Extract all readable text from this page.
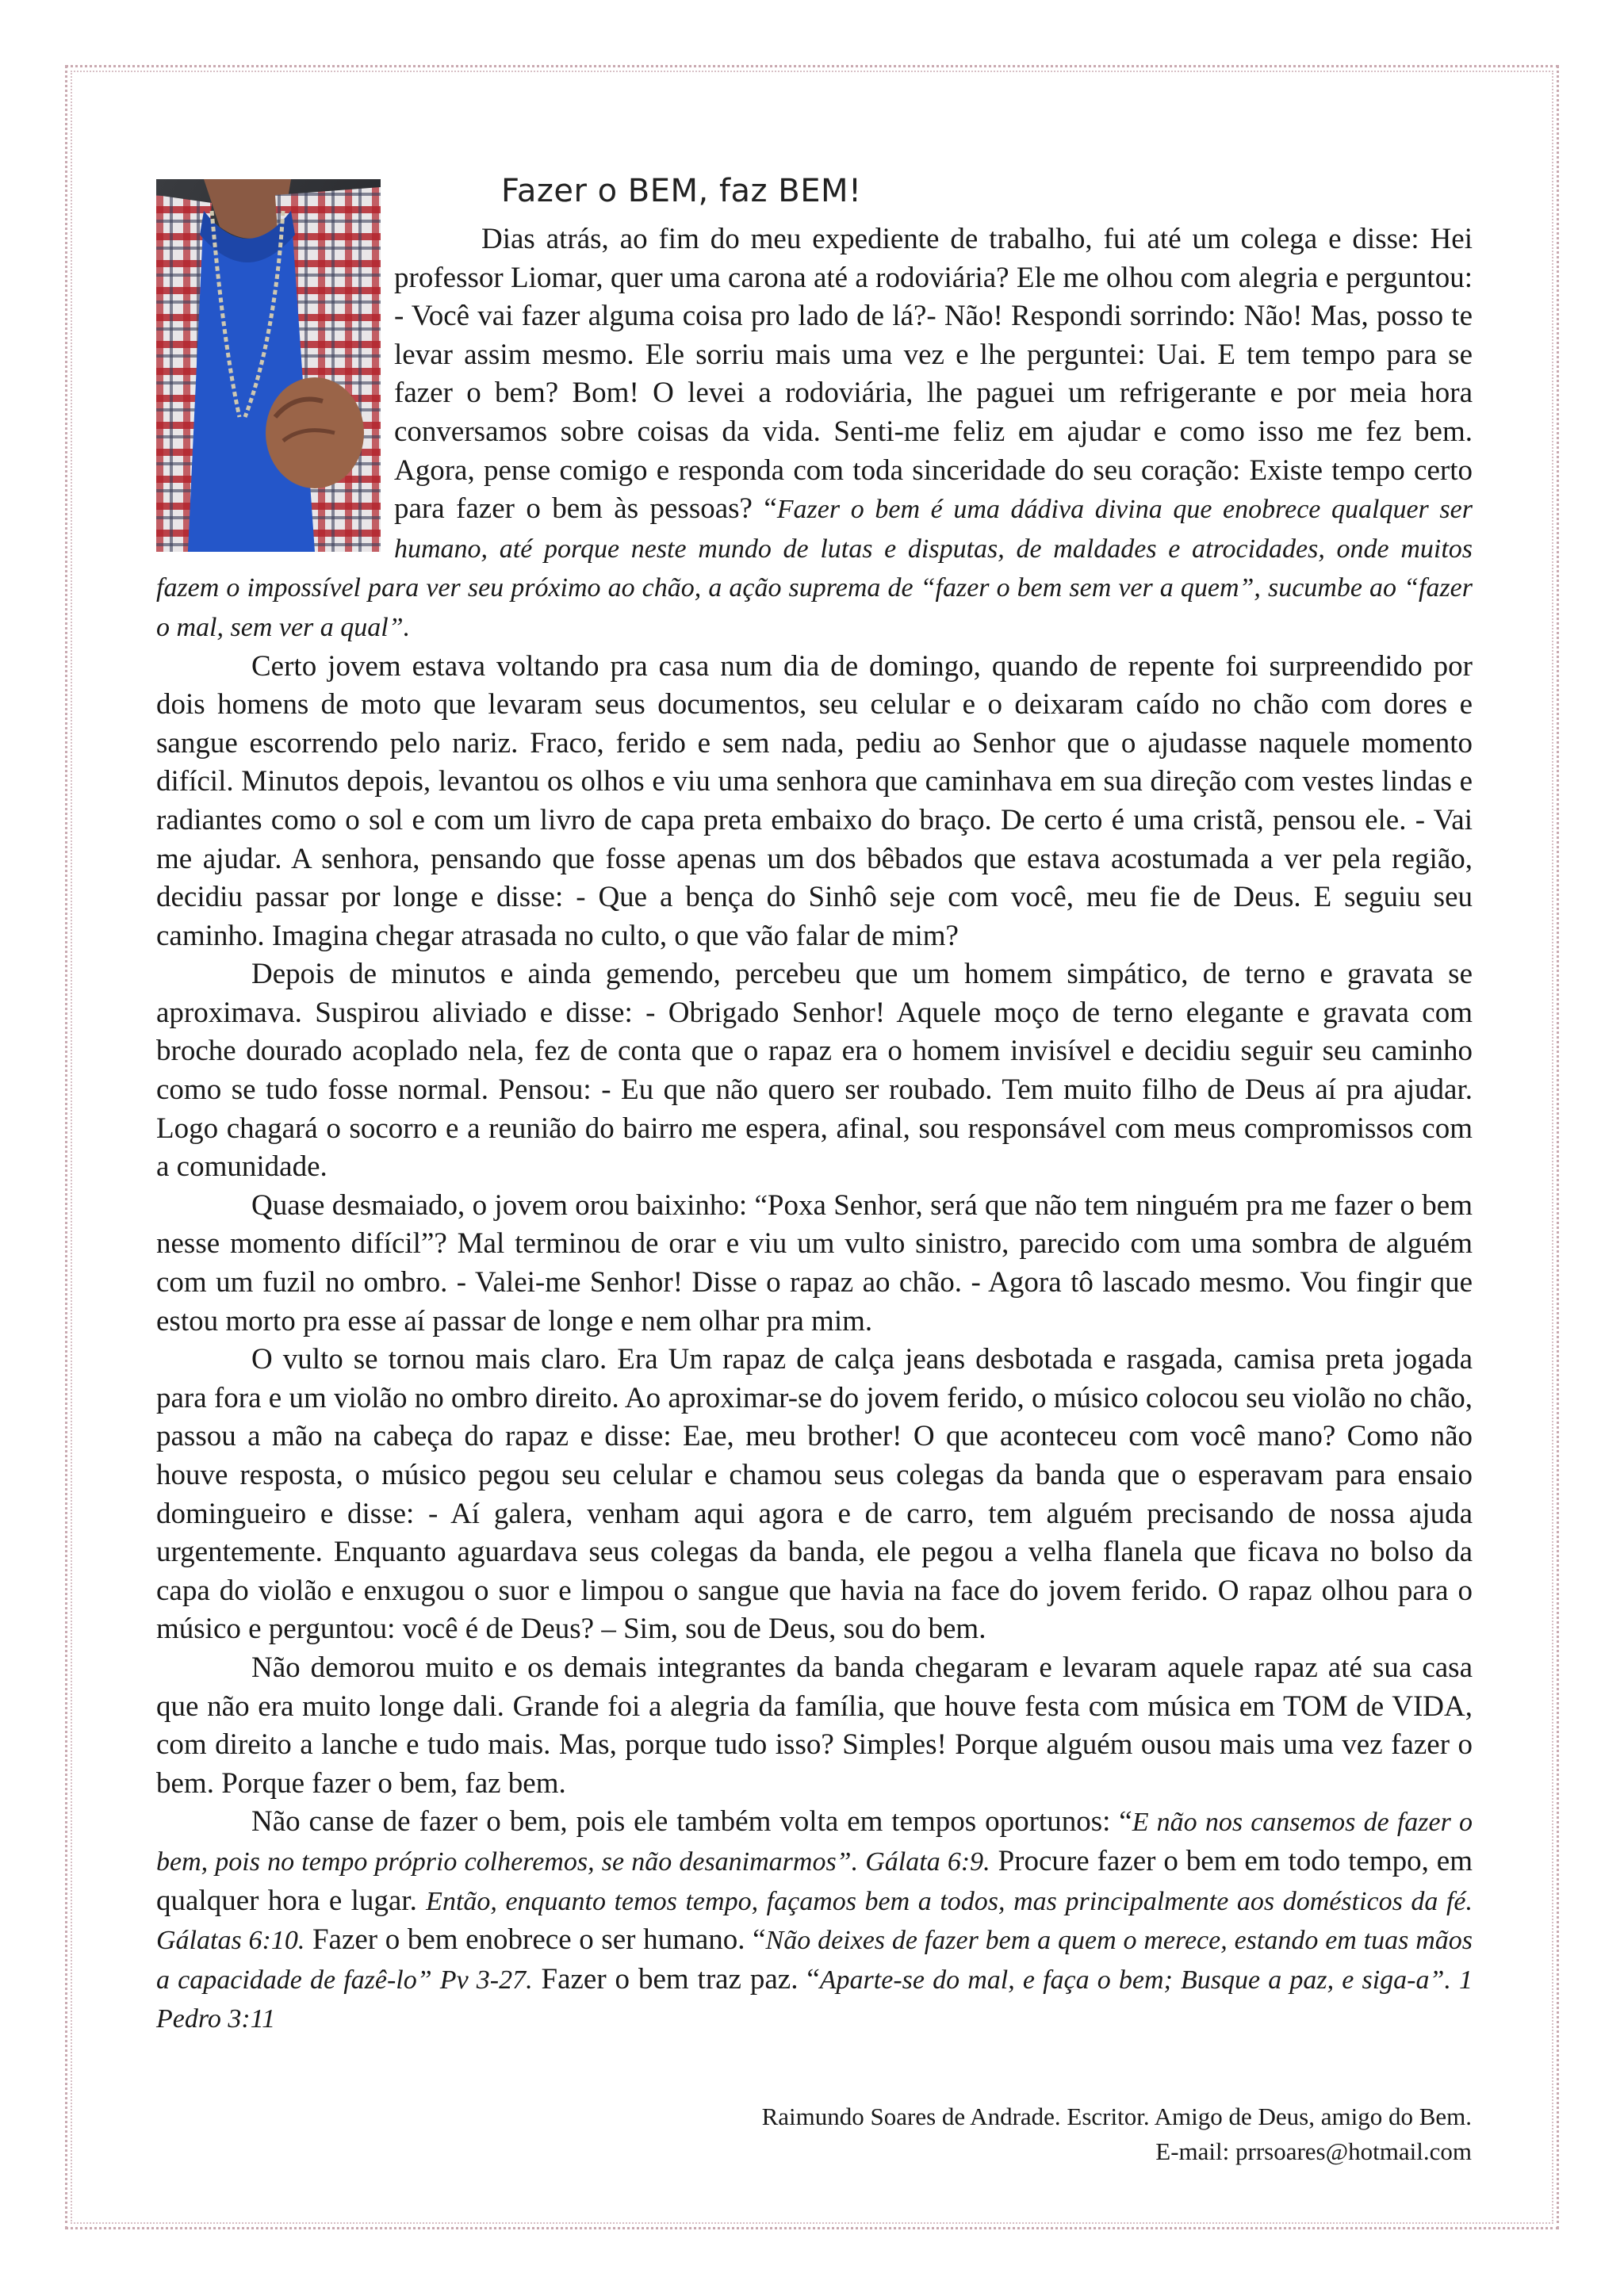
Fazer o BEM, faz BEM!

Dias atrás, ao fim do meu expediente de trabalho, fui até um colega e disse: Hei professor Liomar, quer uma carona até a rodoviária? Ele me olhou com alegria e perguntou: - Você vai fazer alguma coisa pro lado de lá?- Não! Respondi sorrindo: Não! Mas, posso te levar assim mesmo. Ele sorriu mais uma vez e lhe perguntei: Uai. E tem tempo para se fazer o bem? Bom! O levei a rodoviária, lhe paguei um refrigerante e por meia hora conversamos sobre coisas da vida. Senti-me feliz em ajudar e como isso me fez bem. Agora, pense comigo e responda com toda sinceridade do seu coração: Existe tempo certo para fazer o bem às pessoas? “Fazer o bem é uma dádiva divina que enobrece qualquer ser humano, até porque neste mundo de lutas e disputas, de maldades e atrocidades, onde muitos fazem o impossível para ver seu próximo ao chão, a ação suprema de “fazer o bem sem ver a quem”, sucumbe ao “fazer o mal, sem ver a qual”.

Certo jovem estava voltando pra casa num dia de domingo, quando de repente foi surpreendido por dois homens de moto que levaram seus documentos, seu celular e o deixaram caído no chão com dores e sangue escorrendo pelo nariz. Fraco, ferido e sem nada, pediu ao Senhor que o ajudasse naquele momento difícil. Minutos depois, levantou os olhos e viu uma senhora que caminhava em sua direção com vestes lindas e radiantes como o sol e com um livro de capa preta embaixo do braço. De certo é uma cristã, pensou ele. - Vai me ajudar. A senhora, pensando que fosse apenas um dos bêbados que estava acostumada a ver pela região, decidiu passar por longe e disse: - Que a bença do Sinhô seje com você, meu fie de Deus. E seguiu seu caminho. Imagina chegar atrasada no culto, o que vão falar de mim?

Depois de minutos e ainda gemendo, percebeu que um homem simpático, de terno e gravata se aproximava. Suspirou aliviado e disse: - Obrigado Senhor! Aquele moço de terno elegante e gravata com broche dourado acoplado nela, fez de conta que o rapaz era o homem invisível e decidiu seguir seu caminho como se tudo fosse normal. Pensou: - Eu que não quero ser roubado. Tem muito filho de Deus aí pra ajudar. Logo chagará o socorro e a reunião do bairro me espera, afinal, sou responsável com meus compromissos com a comunidade.

Quase desmaiado, o jovem orou baixinho: “Poxa Senhor, será que não tem ninguém pra me fazer o bem nesse momento difícil”? Mal terminou de orar e viu um vulto sinistro, parecido com uma sombra de alguém com um fuzil no ombro. - Valei-me Senhor! Disse o rapaz ao chão. - Agora tô lascado mesmo. Vou fingir que estou morto pra esse aí passar de longe e nem olhar pra mim.

O vulto se tornou mais claro. Era Um rapaz de calça jeans desbotada e rasgada, camisa preta jogada para fora e um violão no ombro direito. Ao aproximar-se do jovem ferido, o músico colocou seu violão no chão, passou a mão na cabeça do rapaz e disse: Eae, meu brother! O que aconteceu com você mano? Como não houve resposta, o músico pegou seu celular e chamou seus colegas da banda que o esperavam para ensaio domingueiro e disse: - Aí galera, venham aqui agora e de carro, tem alguém precisando de nossa ajuda urgentemente. Enquanto aguardava seus colegas da banda, ele pegou a velha flanela que ficava no bolso da capa do violão e enxugou o suor e limpou o sangue que havia na face do jovem ferido. O rapaz olhou para o músico e perguntou: você é de Deus? – Sim, sou de Deus, sou do bem.

Não demorou muito e os demais integrantes da banda chegaram e levaram aquele rapaz até sua casa que não era muito longe dali. Grande foi a alegria da família, que houve festa com música em TOM de VIDA, com direito a lanche e tudo mais. Mas, porque tudo isso? Simples! Porque alguém ousou mais uma vez fazer o bem. Porque fazer o bem, faz bem.

Não canse de fazer o bem, pois ele também volta em tempos oportunos: “E não nos cansemos de fazer o bem, pois no tempo próprio colheremos, se não desanimarmos”. Gálata 6:9. Procure fazer o bem em todo tempo, em qualquer hora e lugar. Então, enquanto temos tempo, façamos bem a todos, mas principalmente aos domésticos da fé. Gálatas 6:10. Fazer o bem enobrece o ser humano. “Não deixes de fazer bem a quem o merece, estando em tuas mãos a capacidade de fazê-lo” Pv 3-27. Fazer o bem traz paz. “Aparte-se do mal, e faça o bem; Busque a paz, e siga-a”. 1 Pedro 3:11

Raimundo Soares de Andrade. Escritor. Amigo de Deus, amigo do Bem.
E-mail: prrsoares@hotmail.com
